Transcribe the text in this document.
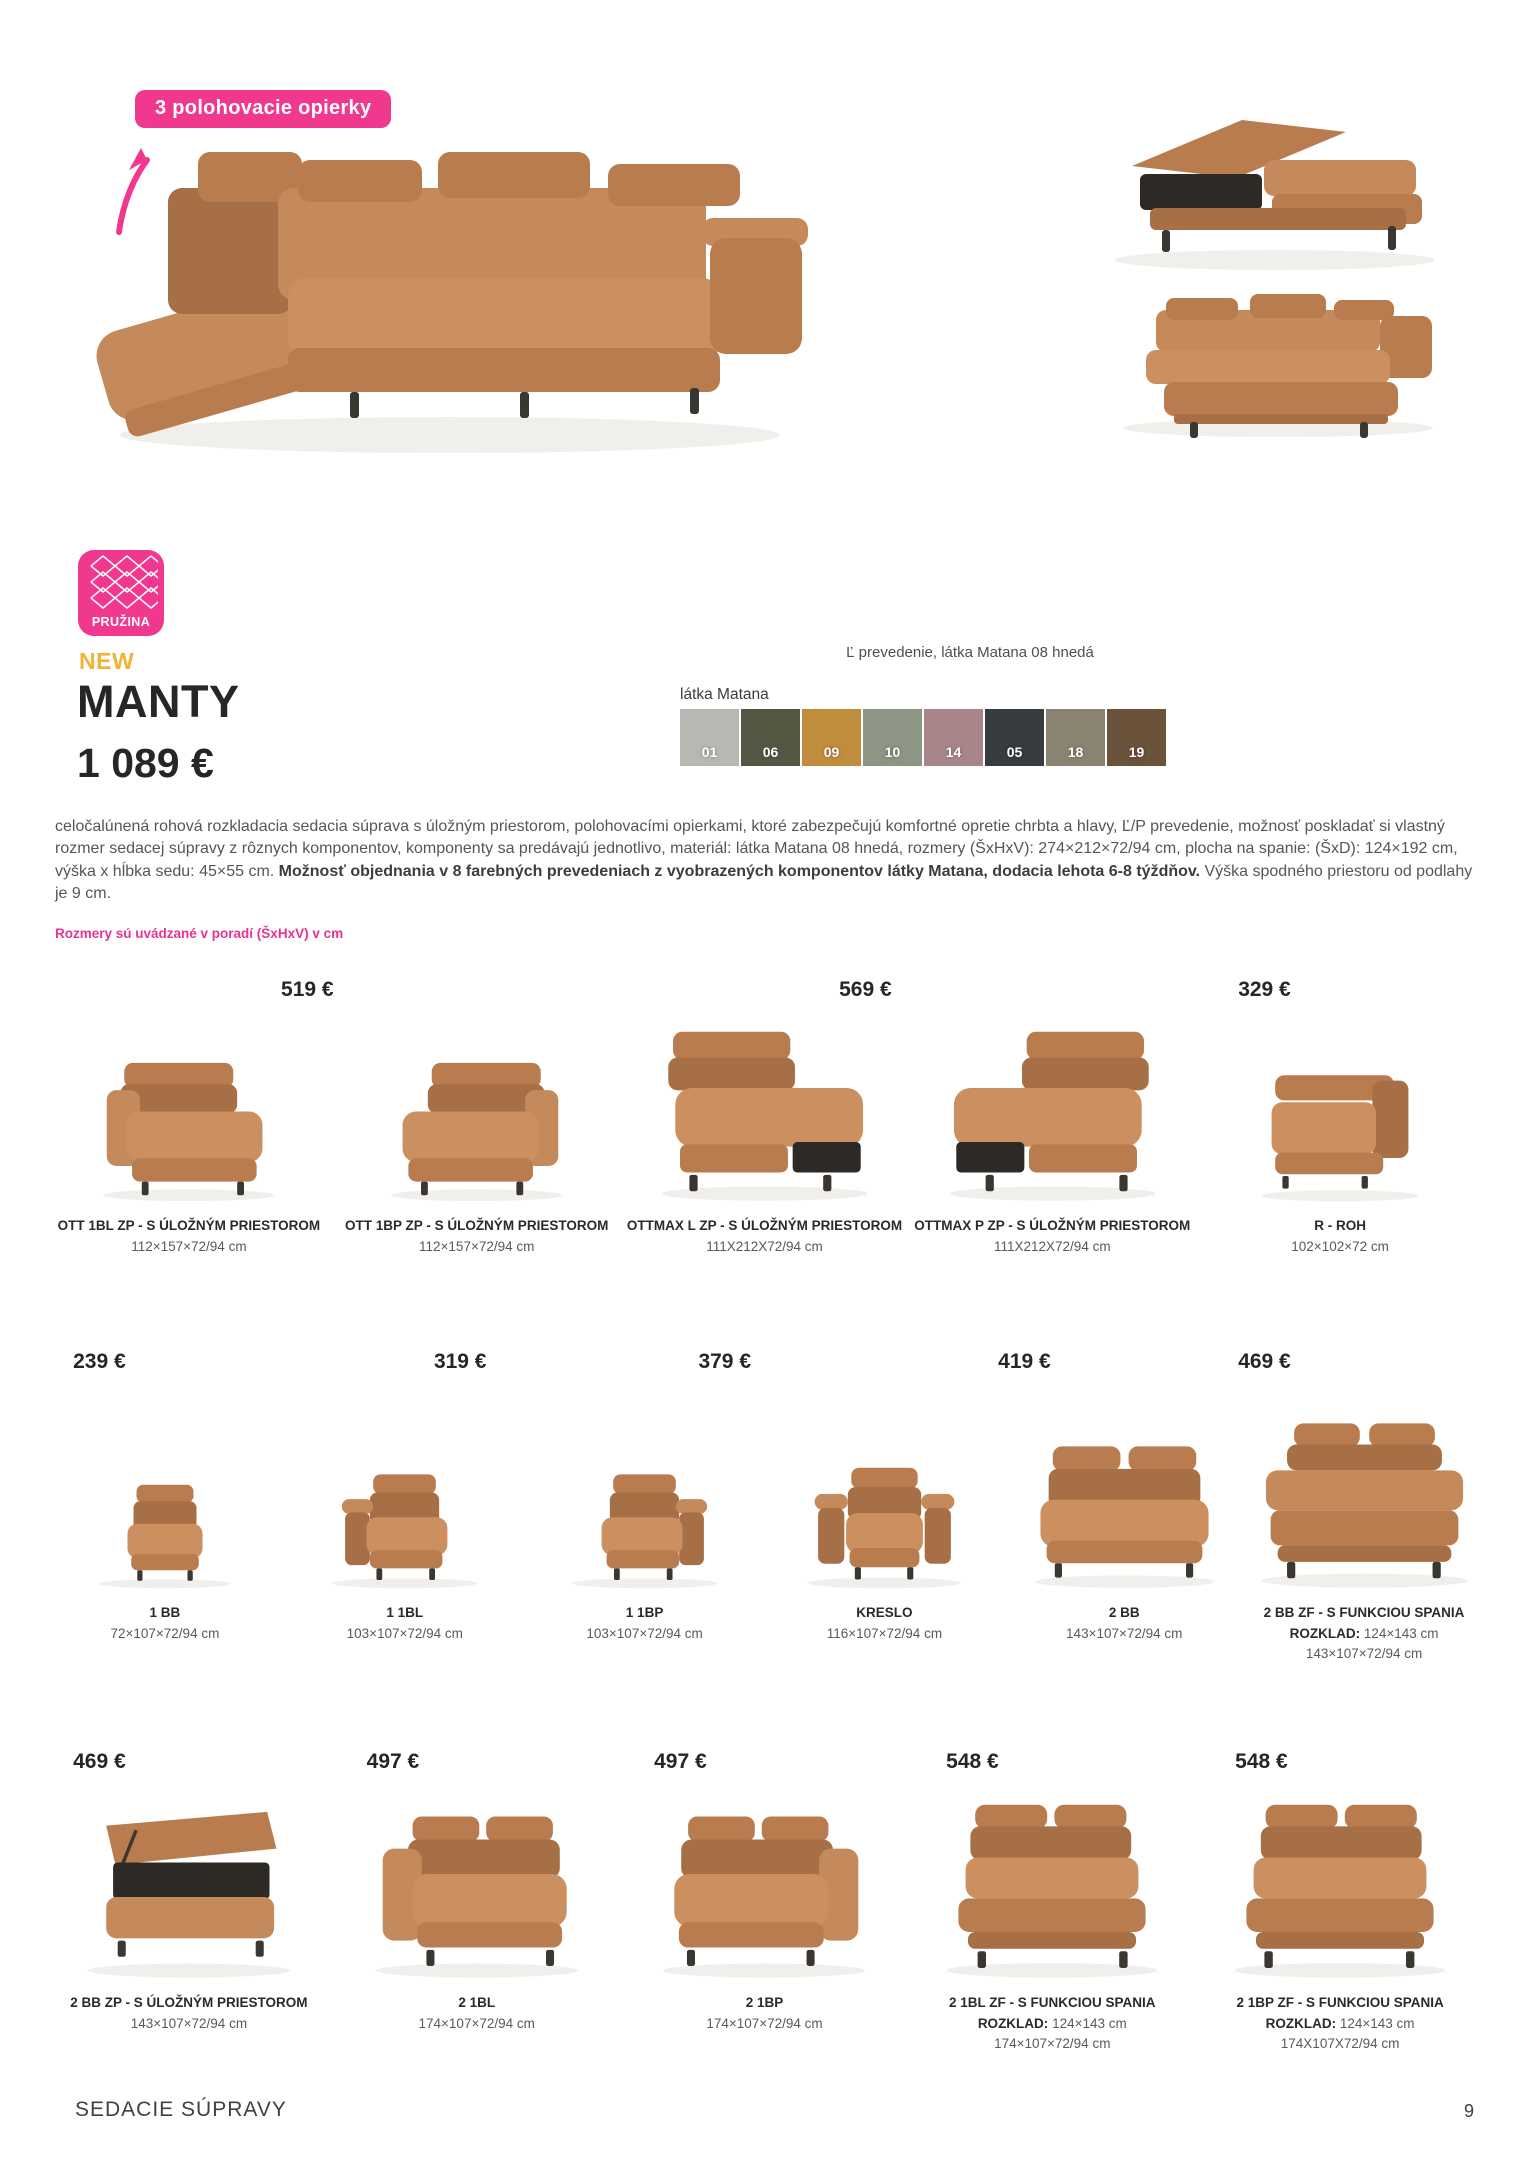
3 polohovacie opierky
PRUŽINA
NEW
MANTY
1 089 €
Ľ prevedenie, látka Matana 08 hnedá
látka Matana
01	06	09	10	14	05	18	19

celočalúnená rohová rozkladacia sedacia súprava s úložným priestorom, polohovacími opierkami, ktoré zabezpečujú komfortné opretie chrbta a hlavy, Ľ/P prevedenie, možnosť poskladať si vlastný rozmer sedacej súpravy z rôznych komponentov, komponenty sa predávajú jednotlivo, materiál: látka Matana 08 hnedá, rozmery (ŠxHxV): 274×212×72/94 cm, plocha na spanie: (ŠxD): 124×192 cm, výška x hĺbka sedu: 45×55 cm. Možnosť objednania v 8 farebných prevedeniach z vyobrazených komponentov látky Matana, dodacia lehota 6-8 týždňov. Výška spodného priestoru od podlahy je 9 cm.

Rozmery sú uvádzané v poradí (ŠxHxV) v cm
519 €	569 €	329 €
OTT 1BL ZP - S ÚLOŽNÝM PRIESTOROM
112×157×72/94 cm
OTT 1BP ZP - S ÚLOŽNÝM PRIESTOROM
112×157×72/94 cm
OTTMAX L ZP - S ÚLOŽNÝM PRIESTOROM
111X212X72/94 cm
OTTMAX P ZP - S ÚLOŽNÝM PRIESTOROM
111X212X72/94 cm
R - ROH
102×102×72 cm
239 €	319 €	379 €	419 €	469 €
1 BB
72×107×72/94 cm
1 1BL
103×107×72/94 cm
1 1BP
103×107×72/94 cm
KRESLO
116×107×72/94 cm
2 BB
143×107×72/94 cm
2 BB ZF - S FUNKCIOU SPANIA
ROZKLAD: 124×143 cm
143×107×72/94 cm
469 €	497 €	497 €	548 €	548 €
2 BB ZP - S ÚLOŽNÝM PRIESTOROM
143×107×72/94 cm
2 1BL
174×107×72/94 cm
2 1BP
174×107×72/94 cm
2 1BL ZF - S FUNKCIOU SPANIA
ROZKLAD: 124×143 cm
174×107×72/94 cm
2 1BP ZF - S FUNKCIOU SPANIA
ROZKLAD: 124×143 cm
174X107X72/94 cm
SEDACIE SÚPRAVY	9
